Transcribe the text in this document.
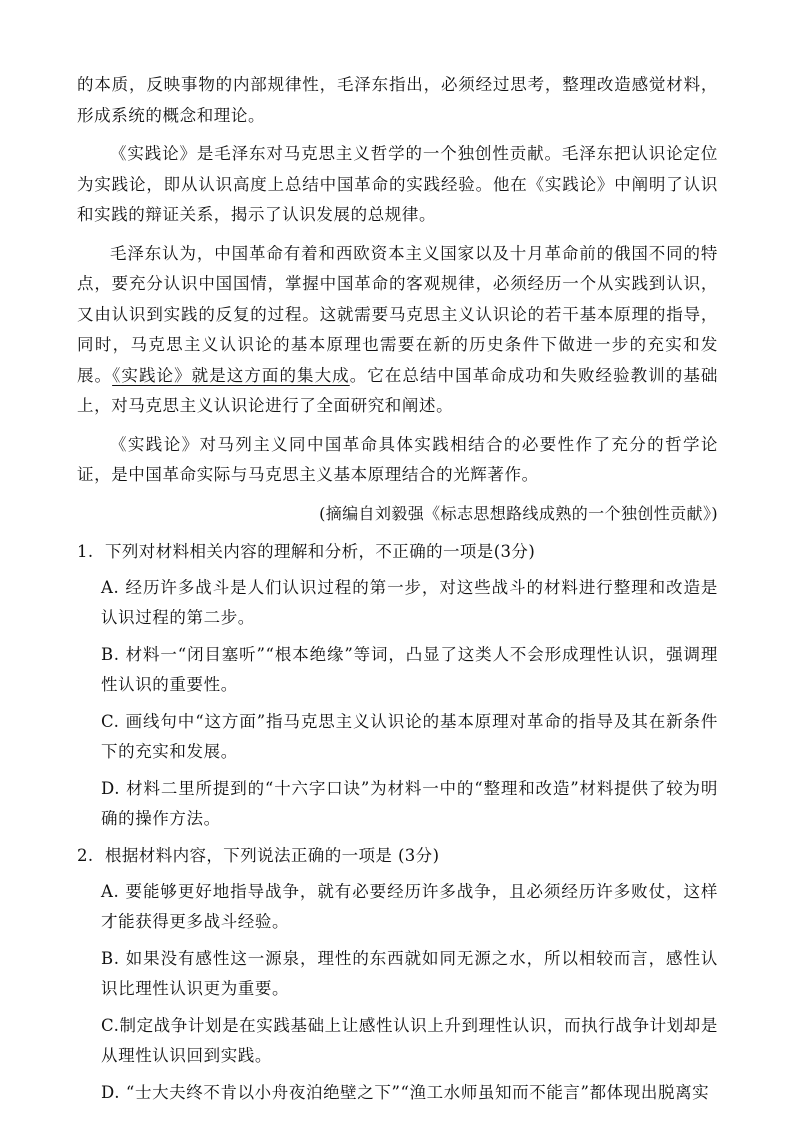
的本质，反映事物的内部规律性，毛泽东指出，必须经过思考，整理改造感觉材料，形成系统的概念和理论。

《实践论》是毛泽东对马克思主义哲学的一个独创性贡献。毛泽东把认识论定位为实践论，即从认识高度上总结中国革命的实践经验。他在《实践论》中阐明了认识和实践的辩证关系，揭示了认识发展的总规律。

毛泽东认为，中国革命有着和西欧资本主义国家以及十月革命前的俄国不同的特点，要充分认识中国国情，掌握中国革命的客观规律，必须经历一个从实践到认识，又由认识到实践的反复的过程。这就需要马克思主义认识论的若干基本原理的指导，同时，马克思主义认识论的基本原理也需要在新的历史条件下做进一步的充实和发展。《实践论》就是这方面的集大成。它在总结中国革命成功和失败经验教训的基础上，对马克思主义认识论进行了全面研究和阐述。

《实践论》对马列主义同中国革命具体实践相结合的必要性作了充分的哲学论证，是中国革命实际与马克思主义基本原理结合的光辉著作。

(摘编自刘毅强《标志思想路线成熟的一个独创性贡献》)
1. 下列对材料相关内容的理解和分析，不正确的一项是(3分)
A. 经历许多战斗是人们认识过程的第一步，对这些战斗的材料进行整理和改造是认识过程的第二步。
B. 材料一“闭目塞听”“根本绝缘”等词，凸显了这类人不会形成理性认识，强调理性认识的重要性。
C. 画线句中“这方面”指马克思主义认识论的基本原理对革命的指导及其在新条件下的充实和发展。
D. 材料二里所提到的“十六字口诀”为材料一中的“整理和改造”材料提供了较为明确的操作方法。
2. 根据材料内容，下列说法正确的一项是 (3分)
A. 要能够更好地指导战争，就有必要经历许多战争，且必须经历许多败仗，这样才能获得更多战斗经验。
B. 如果没有感性这一源泉，理性的东西就如同无源之水，所以相较而言，感性认识比理性认识更为重要。
C.制定战争计划是在实践基础上让感性认识上升到理性认识，而执行战争计划却是从理性认识回到实践。
D. “士大夫终不肯以小舟夜泊绝壁之下”“渔工水师虽知而不能言”都体现出脱离实
